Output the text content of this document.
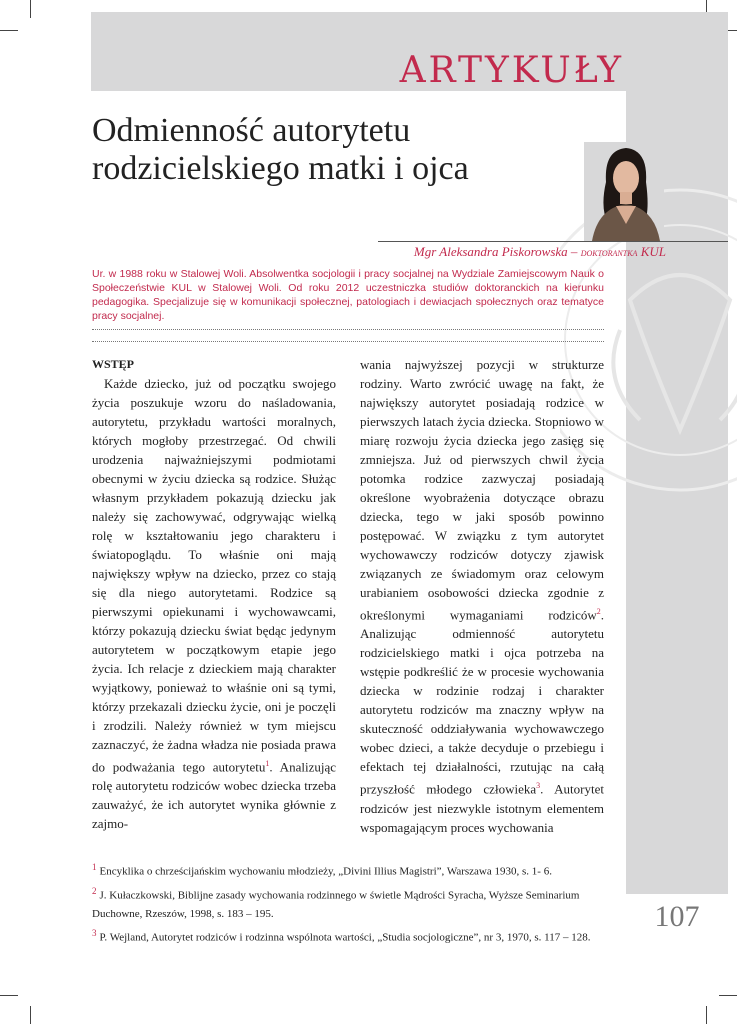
ARTYKUŁY
Odmienność autorytetu
rodzicielskiego matki i ojca
Mgr Aleksandra Piskorowska – doktorantka KUL
Ur. w 1988 roku w Stalowej Woli. Absolwentka socjologii i pracy socjalnej na Wydziale Zamiejscowym Nauk o Społeczeństwie KUL w Stalowej Woli. Od roku 2012 uczestniczka studiów doktoranckich na kierunku pedagogika. Specjalizuje się w komunikacji społecznej, patologiach i dewiacjach społecznych oraz tematyce pracy socjalnej.

WSTĘP

Każde dziecko, już od początku swojego życia poszukuje wzoru do naśladowania, autorytetu, przykładu wartości moralnych, których mogłoby przestrzegać. Od chwili urodzenia najważniejszymi podmiotami obecnymi w życiu dziecka są rodzice. Służąc własnym przykładem pokazują dziecku jak należy się zachowywać, odgrywając wielką rolę w kształtowaniu jego charakteru i światopoglądu. To właśnie oni mają największy wpływ na dziecko, przez co stają się dla niego autorytetami. Rodzice są pierwszymi opiekunami i wychowawcami, którzy pokazują dziecku świat będąc jedynym autorytetem w początkowym etapie jego życia. Ich relacje z dzieckiem mają charakter wyjątkowy, ponieważ to właśnie oni są tymi, którzy przekazali dziecku życie, oni je poczęli i zrodzili. Należy również w tym miejscu zaznaczyć, że żadna władza nie posiada prawa do podważania tego autorytetu$^1$. Analizując rolę autorytetu rodziców wobec dziecka trzeba zauważyć, że ich autorytet wynika głównie z zajmo-

wania najwyższej pozycji w strukturze rodziny. Warto zwrócić uwagę na fakt, że największy autorytet posiadają rodzice w pierwszych latach życia dziecka. Stopniowo w miarę rozwoju życia dziecka jego zasięg się zmniejsza. Już od pierwszych chwil życia potomka rodzice zazwyczaj posiadają określone wyobrażenia dotyczące obrazu dziecka, tego w jaki sposób powinno postępować. W związku z tym autorytet wychowawczy rodziców dotyczy zjawisk związanych ze świadomym oraz celowym urabianiem osobowości dziecka zgodnie z określonymi wymaganiami rodziców$^2$. Analizując odmienność autorytetu rodzicielskiego matki i ojca potrzeba na wstępie podkreślić że w procesie wychowania dziecka w rodzinie rodzaj i charakter autorytetu rodziców ma znaczny wpływ na skuteczność oddziaływania wychowawczego wobec dzieci, a także decyduje o przebiegu i efektach tej działalności, rzutując na całą przyszłość młodego człowieka$^3$. Autorytet rodziców jest niezwykle istotnym elementem wspomagającym proces wychowania

$^1$ Encyklika o chrześcijańskim wychowaniu młodzieży, „Divini Illius Magistri”, Warszawa 1930, s. 1- 6.

$^2$ J. Kułaczkowski, Biblijne zasady wychowania rodzinnego w świetle Mądrości Syracha, Wyższe Seminarium Duchowne, Rzeszów, 1998, s. 183 – 195.

$^3$ P. Wejland, Autorytet rodziców i rodzinna wspólnota wartości, „Studia socjologiczne”, nr 3, 1970, s. 117 – 128.

107
